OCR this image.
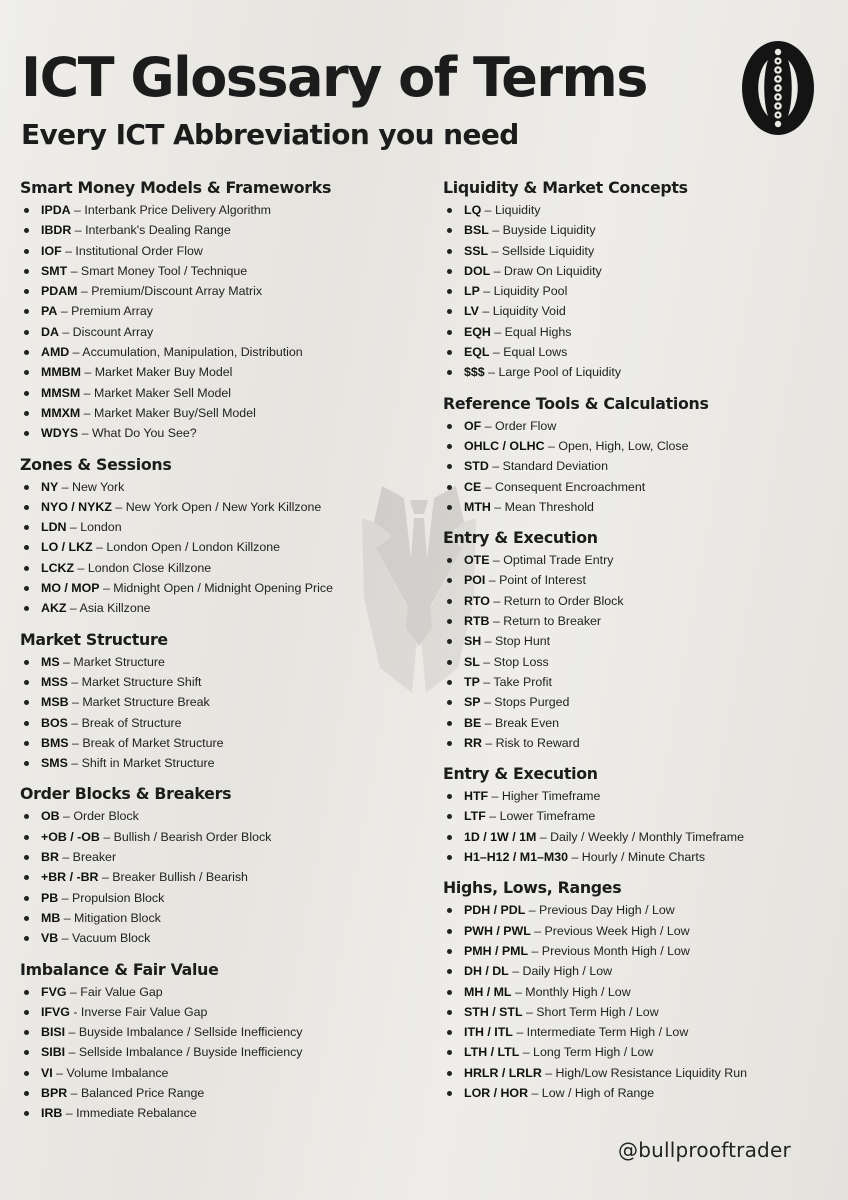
ICT Glossary of Terms
Every ICT Abbreviation you need
Smart Money Models & Frameworks
IPDA – Interbank Price Delivery Algorithm
IBDR – Interbank's Dealing Range
IOF – Institutional Order Flow
SMT – Smart Money Tool / Technique
PDAM – Premium/Discount Array Matrix
PA – Premium Array
DA – Discount Array
AMD – Accumulation, Manipulation, Distribution
MMBM – Market Maker Buy Model
MMSM – Market Maker Sell Model
MMXM – Market Maker Buy/Sell Model
WDYS – What Do You See?
Zones & Sessions
NY – New York
NYO / NYKZ – New York Open / New York Killzone
LDN – London
LO / LKZ – London Open / London Killzone
LCKZ – London Close Killzone
MO / MOP – Midnight Open / Midnight Opening Price
AKZ – Asia Killzone
Market Structure
MS – Market Structure
MSS – Market Structure Shift
MSB – Market Structure Break
BOS – Break of Structure
BMS – Break of Market Structure
SMS – Shift in Market Structure
Order Blocks & Breakers
OB – Order Block
+OB / -OB – Bullish / Bearish Order Block
BR – Breaker
+BR / -BR – Breaker Bullish / Bearish
PB – Propulsion Block
MB – Mitigation Block
VB – Vacuum Block
Imbalance & Fair Value
FVG – Fair Value Gap
IFVG - Inverse Fair Value Gap
BISI – Buyside Imbalance / Sellside Inefficiency
SIBI – Sellside Imbalance / Buyside Inefficiency
VI – Volume Imbalance
BPR – Balanced Price Range
IRB – Immediate Rebalance
Liquidity & Market Concepts
LQ – Liquidity
BSL – Buyside Liquidity
SSL – Sellside Liquidity
DOL – Draw On Liquidity
LP – Liquidity Pool
LV – Liquidity Void
EQH – Equal Highs
EQL – Equal Lows
$$$ – Large Pool of Liquidity
Reference Tools & Calculations
OF – Order Flow
OHLC / OLHC – Open, High, Low, Close
STD – Standard Deviation
CE – Consequent Encroachment
MTH – Mean Threshold
Entry & Execution
OTE – Optimal Trade Entry
POI – Point of Interest
RTO – Return to Order Block
RTB – Return to Breaker
SH – Stop Hunt
SL – Stop Loss
TP – Take Profit
SP – Stops Purged
BE – Break Even
RR – Risk to Reward
Entry & Execution
HTF – Higher Timeframe
LTF – Lower Timeframe
1D / 1W / 1M – Daily / Weekly / Monthly Timeframe
H1–H12 / M1–M30 – Hourly / Minute Charts
Highs, Lows, Ranges
PDH / PDL – Previous Day High / Low
PWH / PWL – Previous Week High / Low
PMH / PML – Previous Month High / Low
DH / DL – Daily High / Low
MH / ML – Monthly High / Low
STH / STL – Short Term High / Low
ITH / ITL – Intermediate Term High / Low
LTH / LTL – Long Term High / Low
HRLR / LRLR – High/Low Resistance Liquidity Run
LOR / HOR – Low / High of Range
@bullprooftrader
